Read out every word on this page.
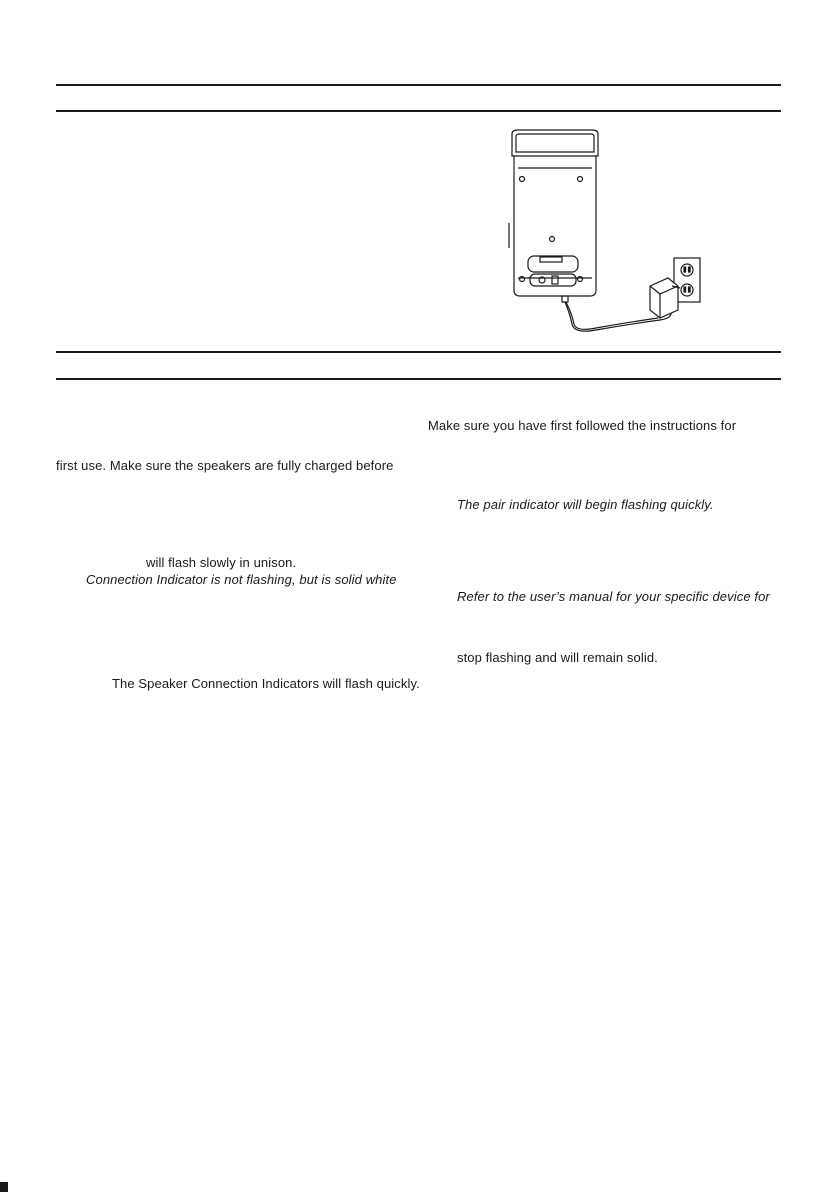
first use. Make sure the speakers are fully charged before
will flash slowly in unison.
Connection Indicator is not flashing, but is solid white
The Speaker Connection Indicators will flash quickly.
Make sure you have first followed the instructions for
The pair indicator will begin flashing quickly.
Refer to the user’s manual for your specific device for
stop flashing and will remain solid.
